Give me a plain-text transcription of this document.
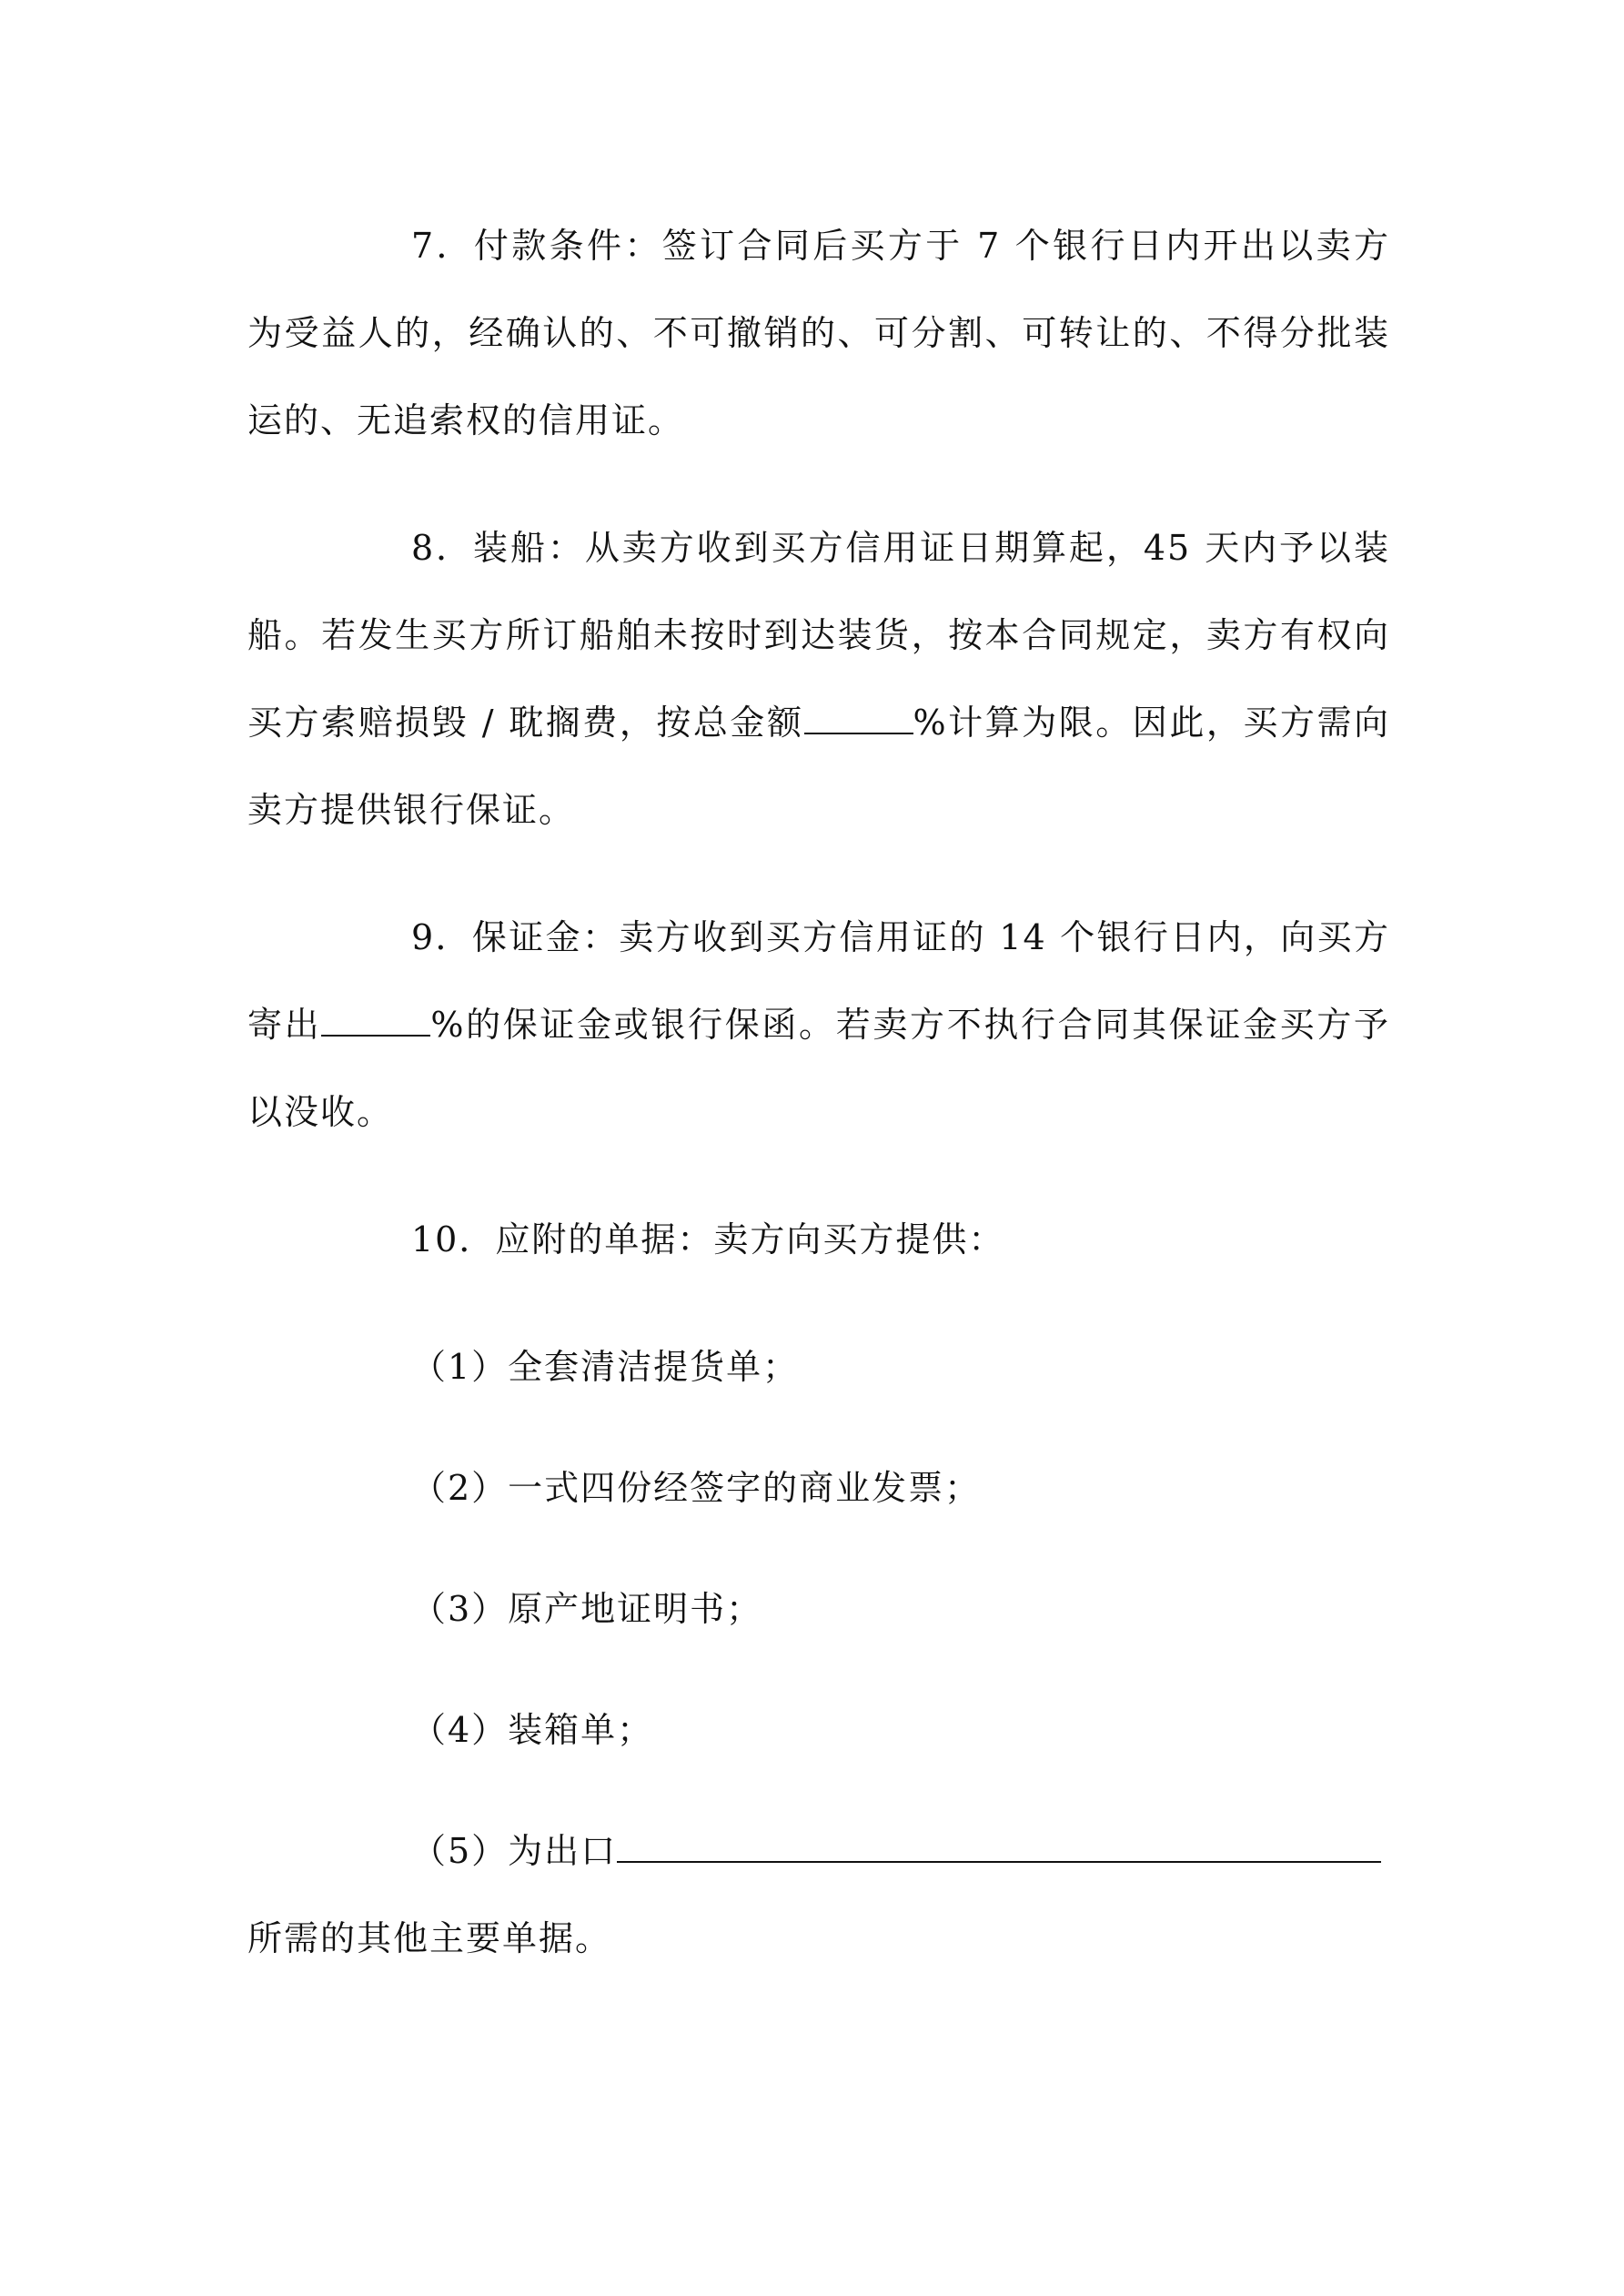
7．付款条件：签订合同后买方于 7 个银行日内开出以卖方为受益人的，经确认的、不可撤销的、可分割、可转让的、不得分批装运的、无追索权的信用证。

8．装船：从卖方收到买方信用证日期算起，45 天内予以装船。若发生买方所订船舶未按时到达装货，按本合同规定，卖方有权向买方索赔损毁 / 耽搁费，按总金额	%计算为限。因此，买方需向卖方提供银行保证。

9．保证金：卖方收到买方信用证的 14 个银行日内，向买方寄出	%的保证金或银行保函。若卖方不执行合同其保证金买方予以没收。

10．应附的单据：卖方向买方提供：

（1）全套清洁提货单；

（2）一式四份经签字的商业发票；

（3）原产地证明书；

（4）装箱单；

（5）为出口

所需的其他主要单据。
